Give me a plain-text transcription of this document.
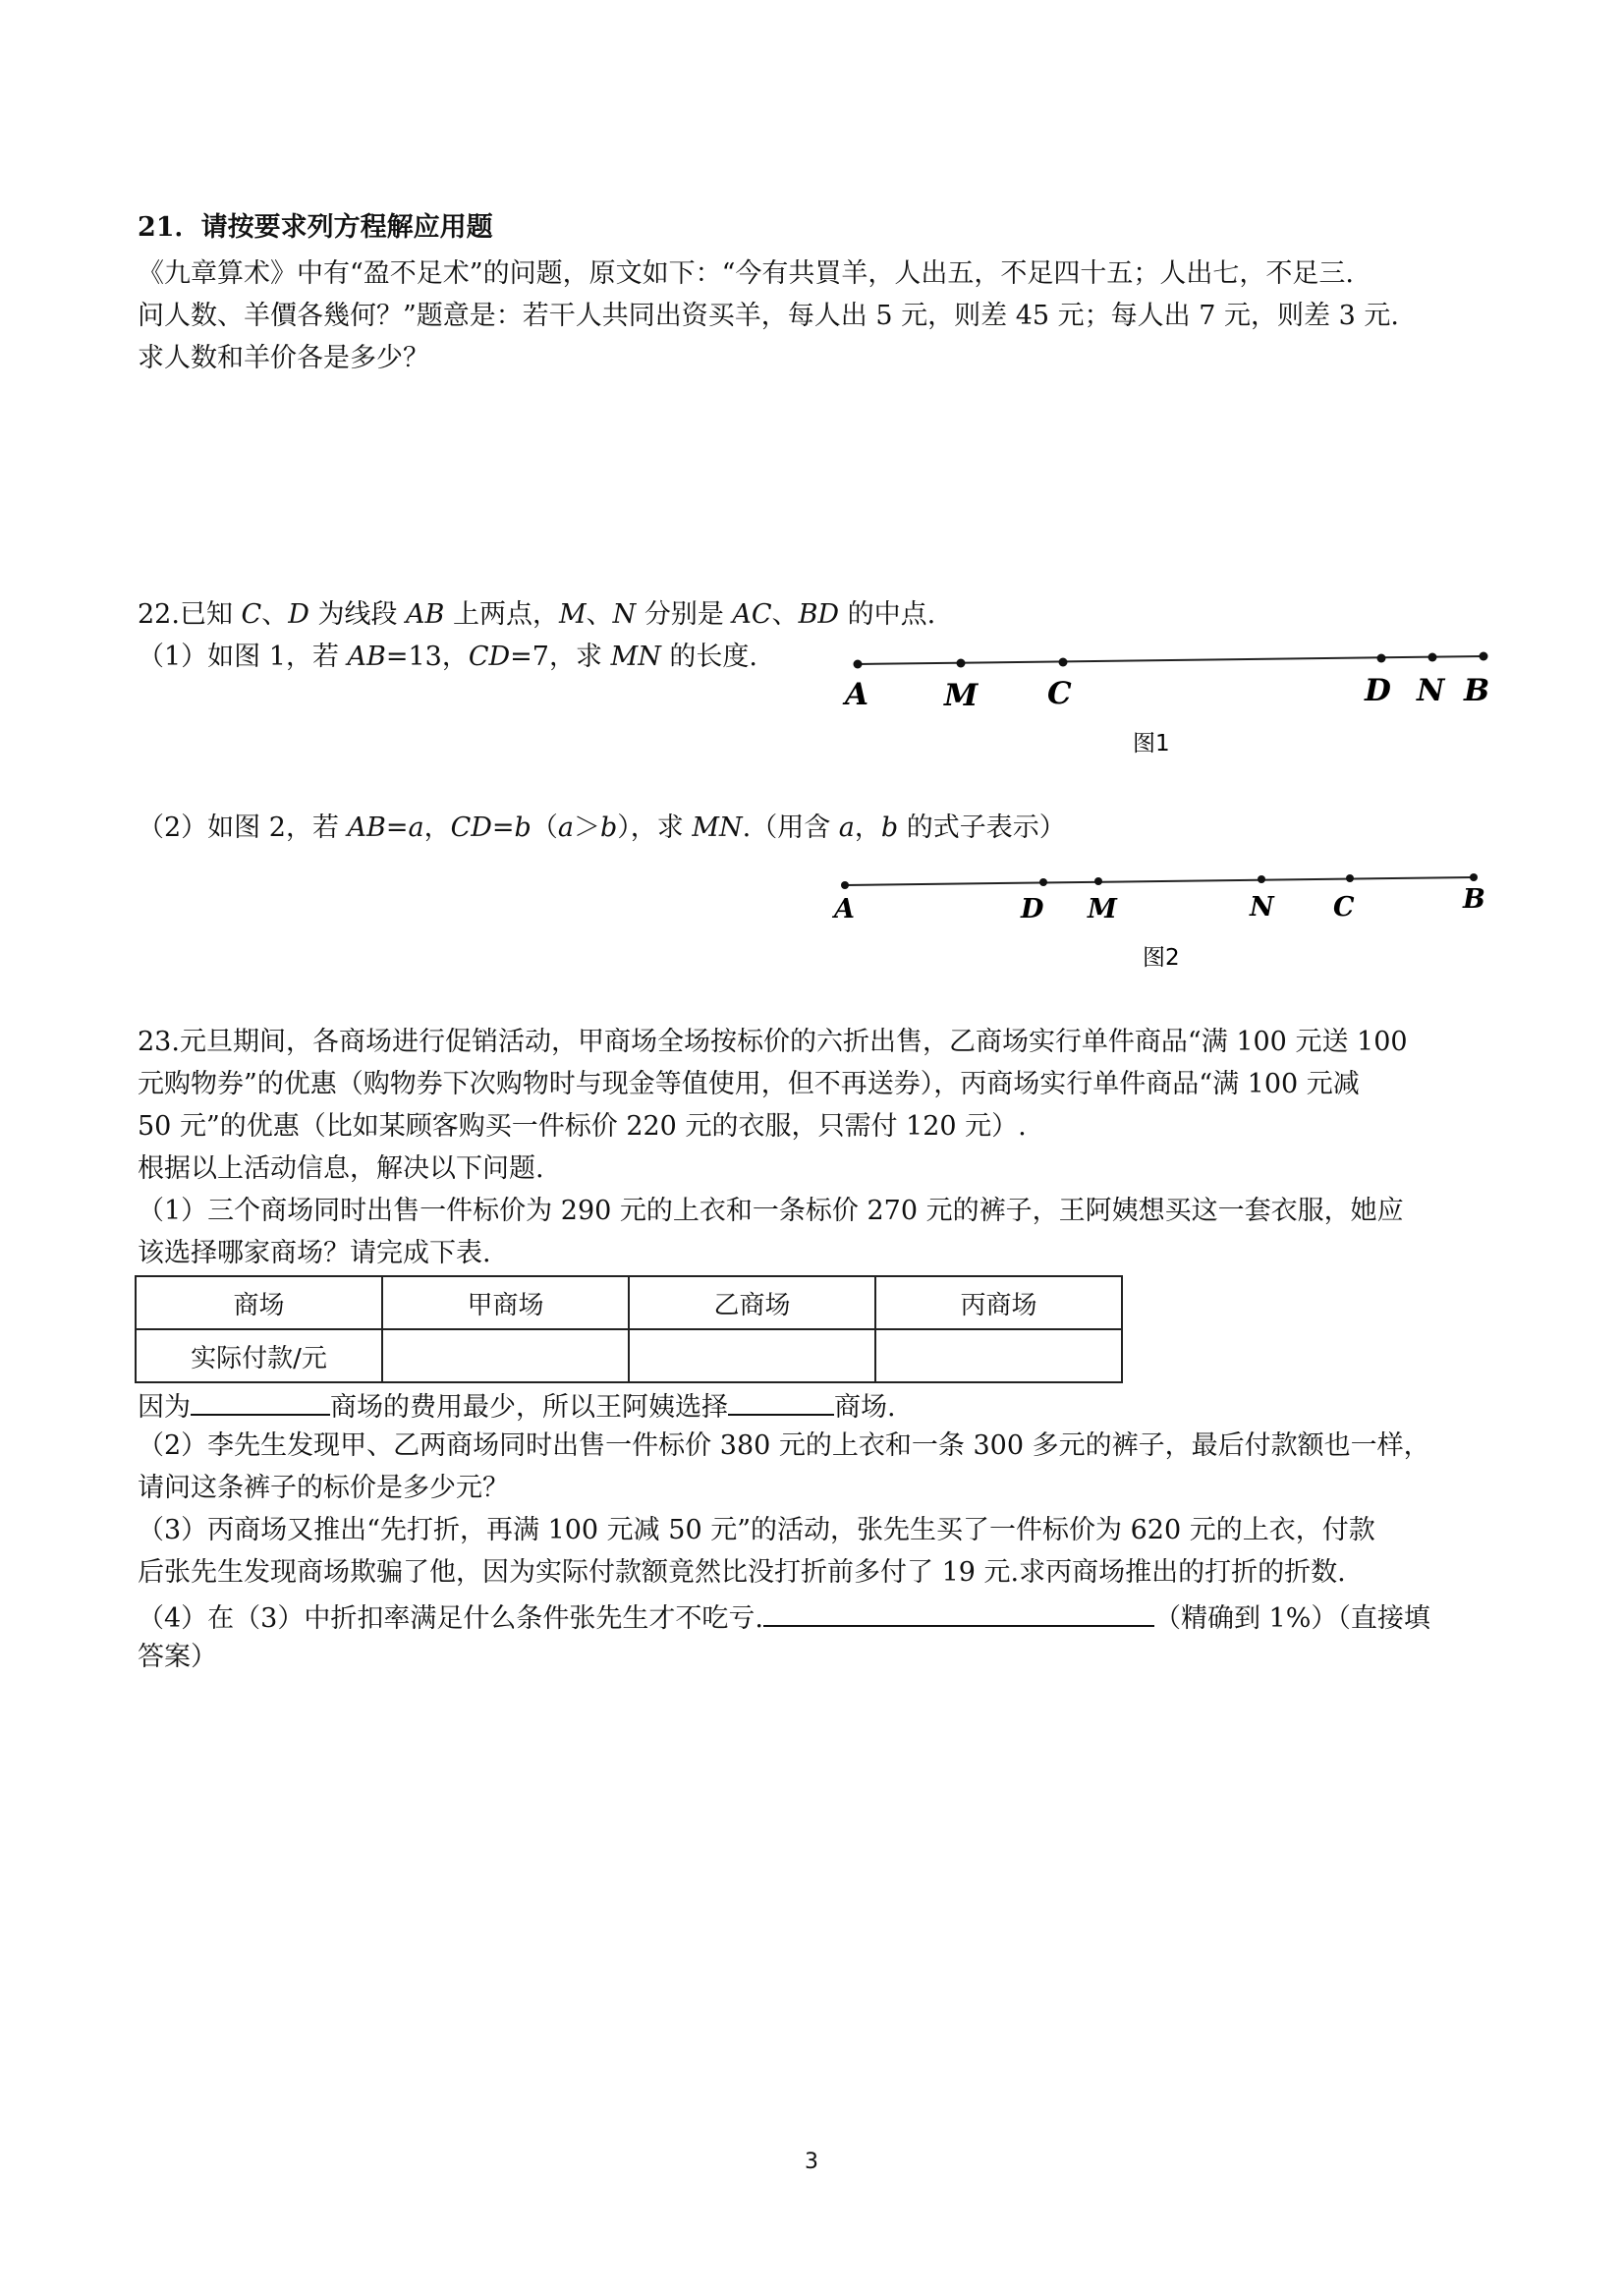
21．请按要求列方程解应用题
《九章算术》中有“盈不足术”的问题，原文如下：“今有共買羊，人出五，不足四十五；人出七，不足三.
问人数、羊價各幾何？”题意是：若干人共同出资买羊，每人出 5 元，则差 45 元；每人出 7 元，则差 3 元.
求人数和羊价各是多少？
22.已知 C、D 为线段 AB 上两点，M、N 分别是 AC、BD 的中点.
（1）如图 1，若 AB=13，CD=7，求 MN 的长度.
A M C	D N B
图1
（2）如图 2，若 AB=a，CD=b（a＞b），求 MN.（用含 a，b 的式子表示）
A	D M	N C	B
图2
23.元旦期间，各商场进行促销活动，甲商场全场按标价的六折出售，乙商场实行单件商品“满 100 元送 100
元购物券”的优惠（购物券下次购物时与现金等值使用，但不再送券），丙商场实行单件商品“满 100 元减
50 元”的优惠（比如某顾客购买一件标价 220 元的衣服，只需付 120 元）.
根据以上活动信息，解决以下问题.
（1）三个商场同时出售一件标价为 290 元的上衣和一条标价 270 元的裤子，王阿姨想买这一套衣服，她应
该选择哪家商场？请完成下表.
商场	甲商场	乙商场	丙商场
实际付款/元			
因为	商场的费用最少，所以王阿姨选择	商场.
（2）李先生发现甲、乙两商场同时出售一件标价 380 元的上衣和一条 300 多元的裤子，最后付款额也一样，
请问这条裤子的标价是多少元？
（3）丙商场又推出“先打折，再满 100 元减 50 元”的活动，张先生买了一件标价为 620 元的上衣，付款
后张先生发现商场欺骗了他，因为实际付款额竟然比没打折前多付了 19 元.求丙商场推出的打折的折数.
（4）在（3）中折扣率满足什么条件张先生才不吃亏.	（精确到 1%）（直接填
答案）
3
